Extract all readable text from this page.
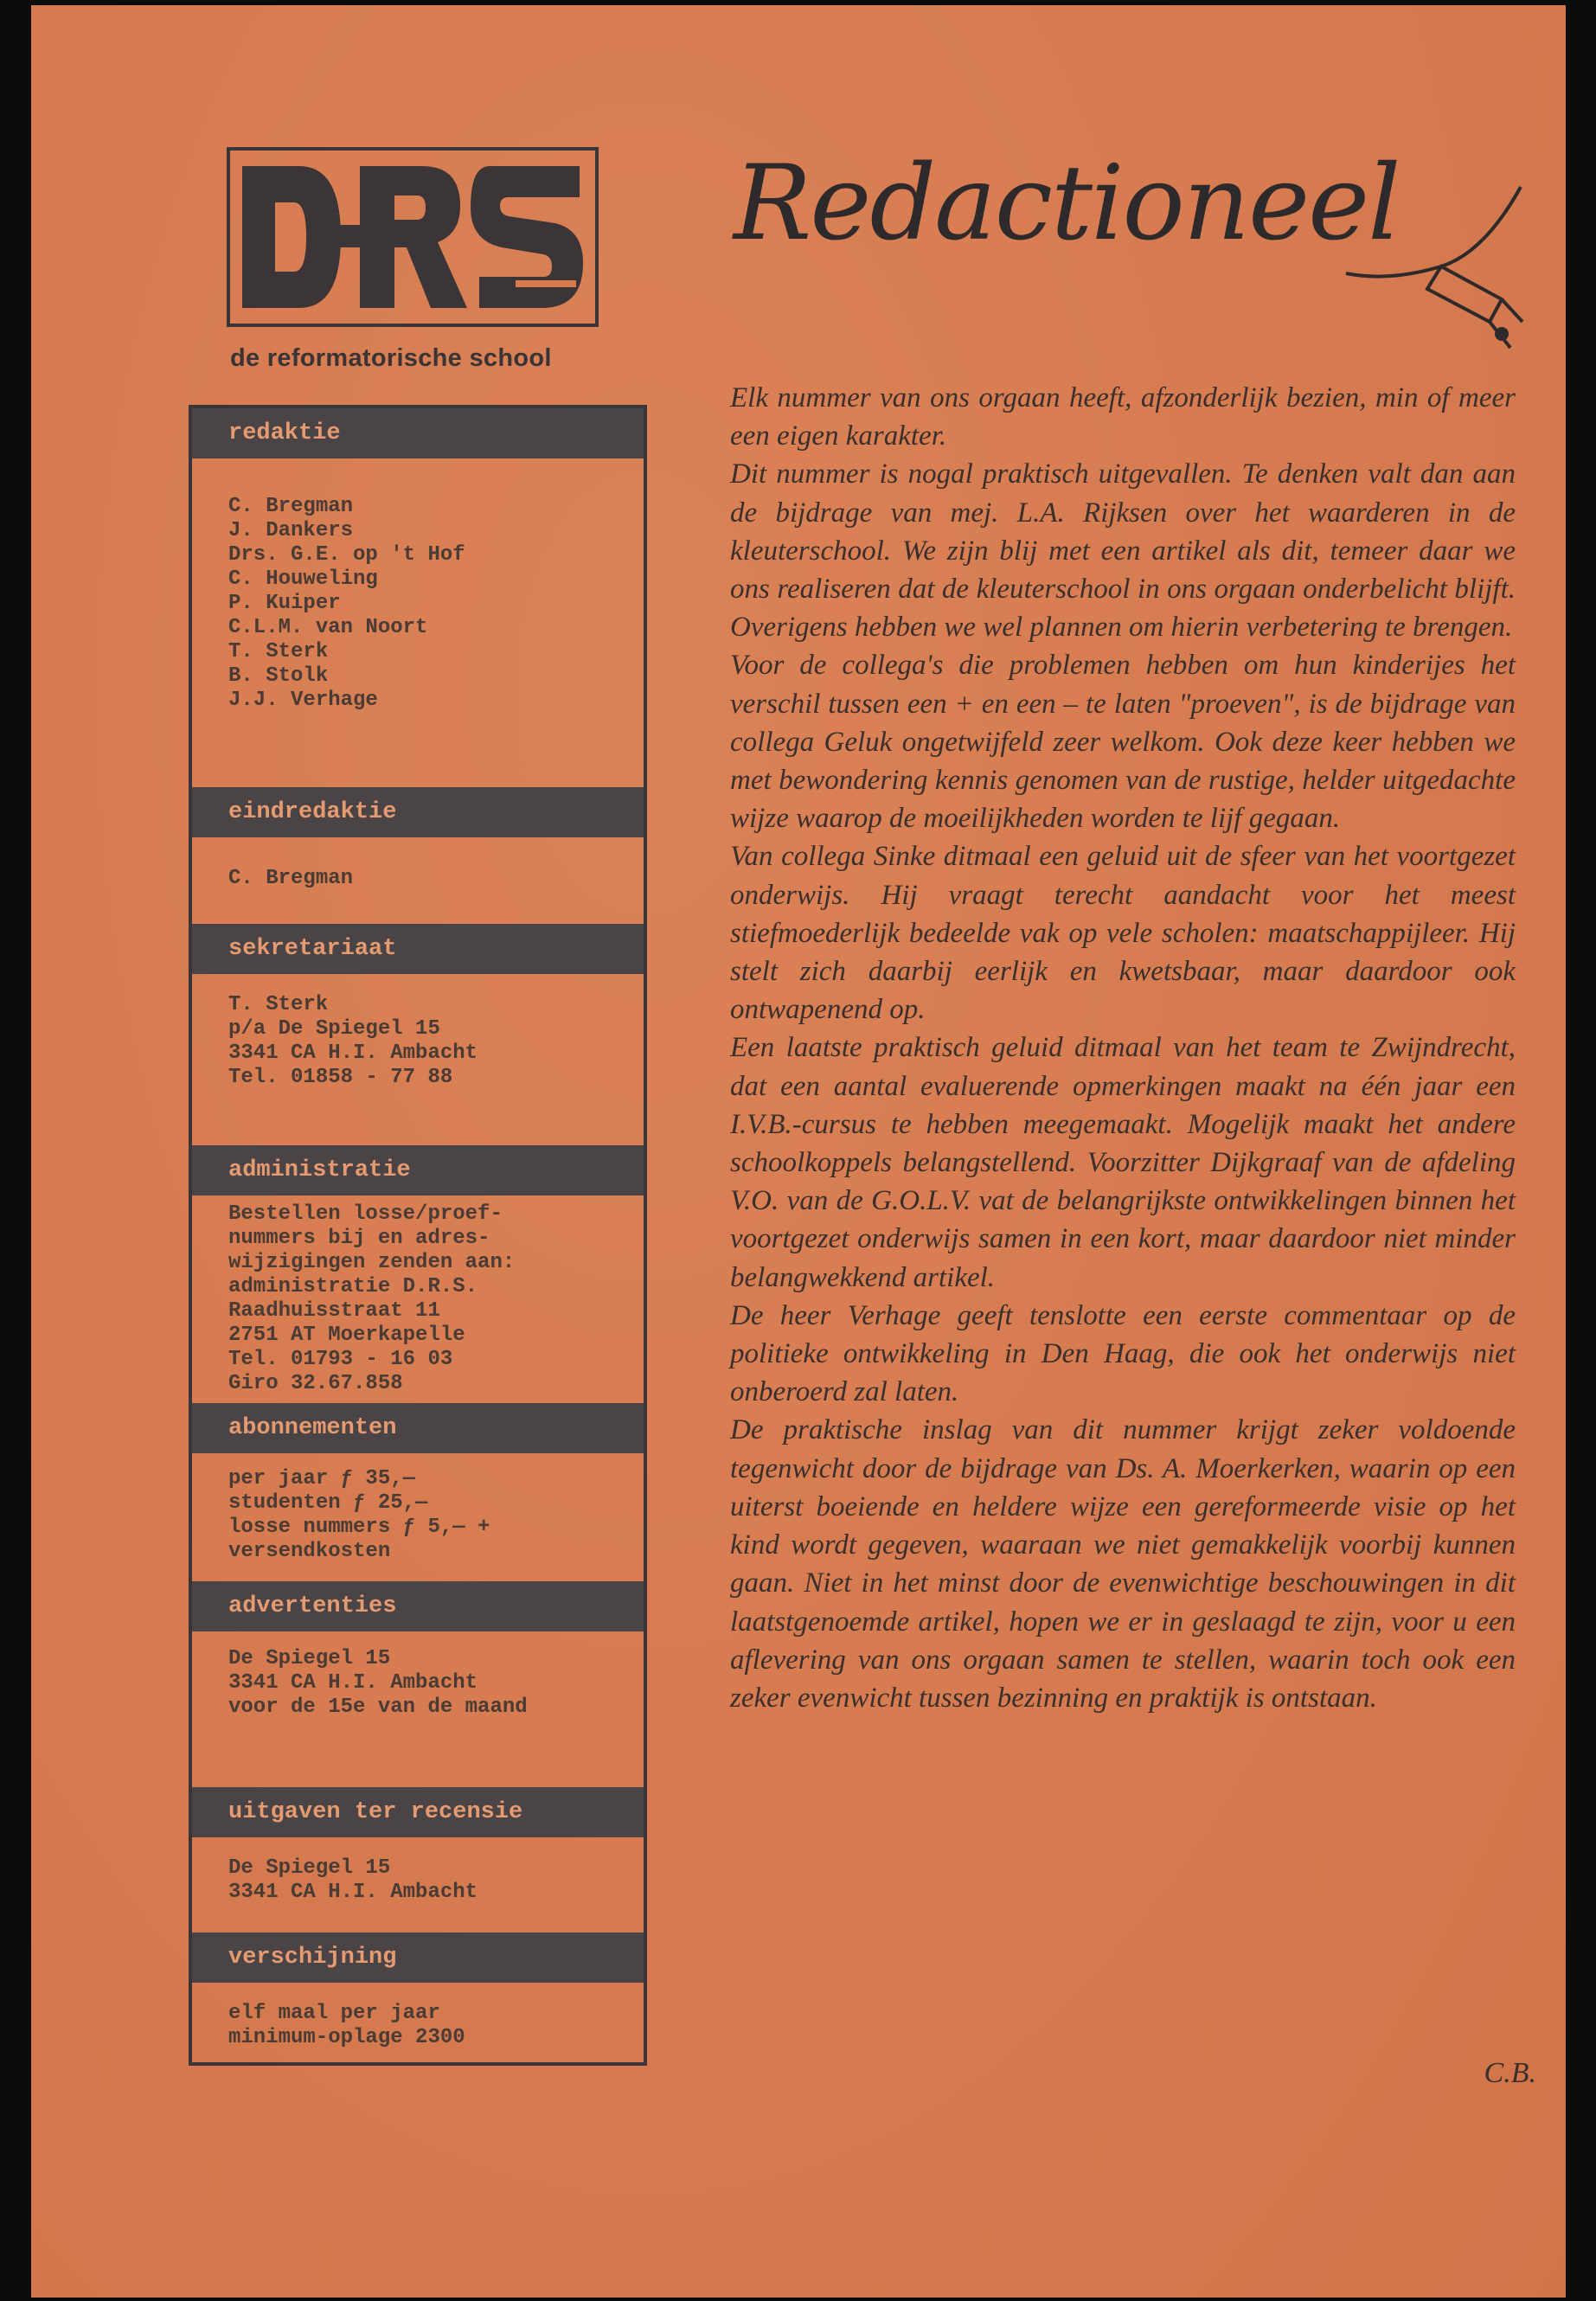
de reformatorische school
redaktie
C. Bregman
J. Dankers
Drs. G.E. op 't Hof
C. Houweling
P. Kuiper
C.L.M. van Noort
T. Sterk
B. Stolk
J.J. Verhage
eindredaktie
C. Bregman
sekretariaat
T. Sterk
p/a De Spiegel 15
3341 CA H.I. Ambacht
Tel. 01858 - 77 88
administratie
Bestellen losse/proef-
nummers bij en adres-
wijzigingen zenden aan:
administratie D.R.S.
Raadhuisstraat 11
2751 AT Moerkapelle
Tel. 01793 - 16 03
Giro 32.67.858
abonnementen
per jaar ƒ 35,—
studenten ƒ 25,—
losse nummers ƒ 5,— +
versendkosten
advertenties
De Spiegel 15
3341 CA H.I. Ambacht
voor de 15e van de maand
uitgaven ter recensie
De Spiegel 15
3341 CA H.I. Ambacht
verschijning
elf maal per jaar
minimum-oplage 2300
Redactioneel

Elk nummer van ons orgaan heeft, afzonderlijk bezien, min of meer een eigen karakter.

Dit nummer is nogal praktisch uitgevallen. Te denken valt dan aan de bijdrage van mej. L.A. Rijksen over het waarderen in de kleuterschool. We zijn blij met een artikel als dit, temeer daar we ons realiseren dat de kleuterschool in ons orgaan onderbelicht blijft. Overigens hebben we wel plannen om hierin verbetering te brengen.

Voor de collega's die problemen hebben om hun kinderijes het verschil tussen een + en een – te laten "proeven", is de bijdrage van collega Geluk ongetwijfeld zeer welkom. Ook deze keer hebben we met bewondering kennis genomen van de rustige, helder uitgedachte wijze waarop de moeilijkheden worden te lijf gegaan.

Van collega Sinke ditmaal een geluid uit de sfeer van het voortgezet onderwijs. Hij vraagt terecht aandacht voor het meest stiefmoederlijk bedeelde vak op vele scholen: maatschappijleer. Hij stelt zich daarbij eerlijk en kwetsbaar, maar daardoor ook ontwapenend op.

Een laatste praktisch geluid ditmaal van het team te Zwijndrecht, dat een aantal evaluerende opmerkingen maakt na één jaar een I.V.B.-cursus te hebben meegemaakt. Mogelijk maakt het andere schoolkoppels belangstellend. Voorzitter Dijkgraaf van de afdeling V.O. van de G.O.L.V. vat de belangrijkste ontwikkelingen binnen het voortgezet onderwijs samen in een kort, maar daardoor niet minder belangwekkend artikel.

De heer Verhage geeft tenslotte een eerste commentaar op de politieke ontwikkeling in Den Haag, die ook het onderwijs niet onberoerd zal laten.

De praktische inslag van dit nummer krijgt zeker voldoende tegenwicht door de bijdrage van Ds. A. Moerkerken, waarin op een uiterst boeiende en heldere wijze een gereformeerde visie op het kind wordt gegeven, waaraan we niet gemakkelijk voorbij kunnen gaan. Niet in het minst door de evenwichtige beschouwingen in dit laatstgenoemde artikel, hopen we er in geslaagd te zijn, voor u een aflevering van ons orgaan samen te stellen, waarin toch ook een zeker evenwicht tussen bezinning en praktijk is ontstaan.

C.B.
